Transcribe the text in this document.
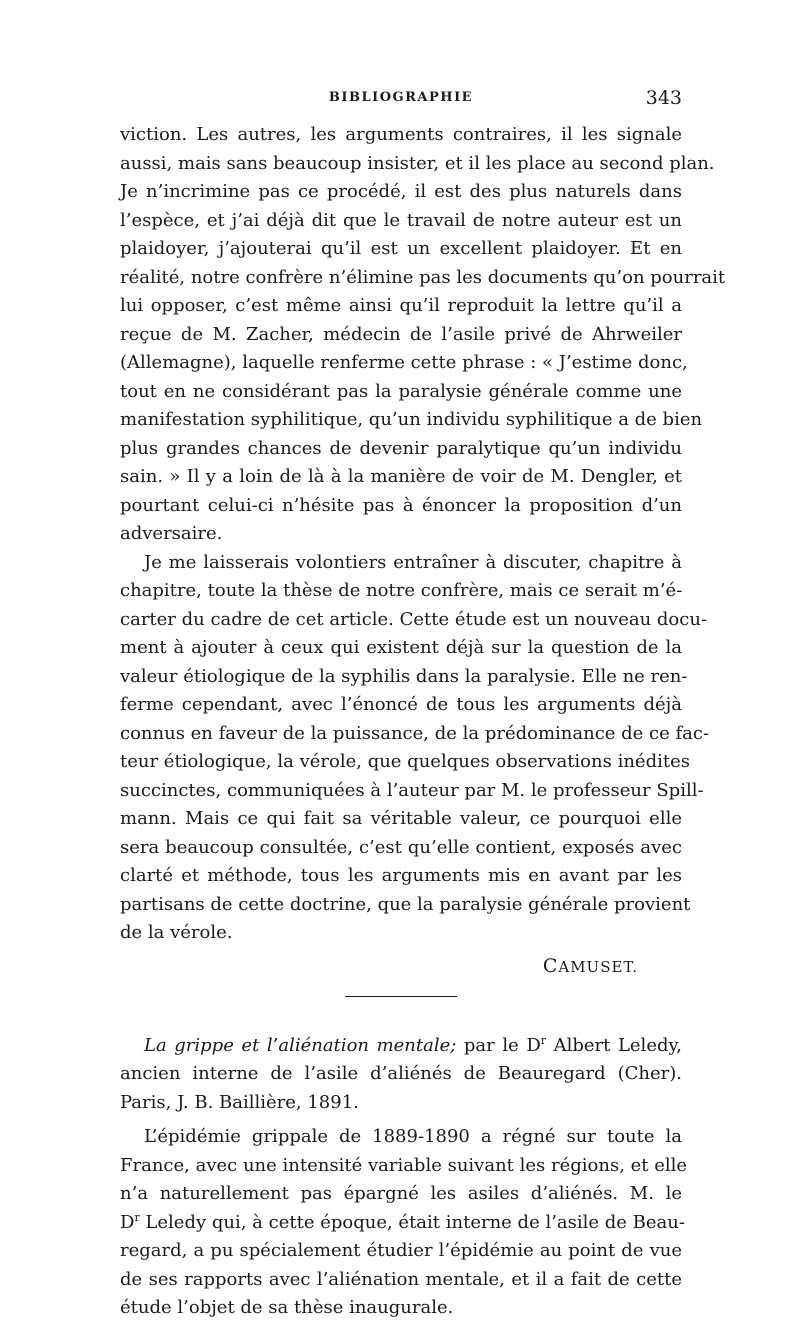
BIBLIOGRAPHIE	343
viction. Les autres, les arguments contraires, il les signale
aussi, mais sans beaucoup insister, et il les place au second plan.
Je n’incrimine pas ce procédé, il est des plus naturels dans
l’espèce, et j’ai déjà dit que le travail de notre auteur est un
plaidoyer, j’ajouterai qu’il est un excellent plaidoyer. Et en
réalité, notre confrère n’élimine pas les documents qu’on pourrait
lui opposer, c’est même ainsi qu’il reproduit la lettre qu’il a
reçue de M. Zacher, médecin de l’asile privé de Ahrweiler
(Allemagne), laquelle renferme cette phrase : « J’estime donc,
tout en ne considérant pas la paralysie générale comme une
manifestation syphilitique, qu’un individu syphilitique a de bien
plus grandes chances de devenir paralytique qu’un individu
sain. » Il y a loin de là à la manière de voir de M. Dengler, et
pourtant celui-ci n’hésite pas à énoncer la proposition d’un
adversaire.
Je me laisserais volontiers entraîner à discuter, chapitre à
chapitre, toute la thèse de notre confrère, mais ce serait m’é-
carter du cadre de cet article. Cette étude est un nouveau docu-
ment à ajouter à ceux qui existent déjà sur la question de la
valeur étiologique de la syphilis dans la paralysie. Elle ne ren-
ferme cependant, avec l’énoncé de tous les arguments déjà
connus en faveur de la puissance, de la prédominance de ce fac-
teur étiologique, la vérole, que quelques observations inédites
succinctes, communiquées à l’auteur par M. le professeur Spill-
mann. Mais ce qui fait sa véritable valeur, ce pourquoi elle
sera beaucoup consultée, c’est qu’elle contient, exposés avec
clarté et méthode, tous les arguments mis en avant par les
partisans de cette doctrine, que la paralysie générale provient
de la vérole.
CAMUSET.
La grippe et l’aliénation mentale; par le $D^r$ Albert Leledy,
ancien interne de l’asile d’aliénés de Beauregard (Cher).
Paris, J. B. Baillière, 1891.
L’épidémie grippale de 1889-1890 a régné sur toute la
France, avec une intensité variable suivant les régions, et elle
n’a naturellement pas épargné les asiles d’aliénés. M. le
$D^r$ Leledy qui, à cette époque, était interne de l’asile de Beau-
regard, a pu spécialement étudier l’épidémie au point de vue
de ses rapports avec l’aliénation mentale, et il a fait de cette
étude l’objet de sa thèse inaugurale.
